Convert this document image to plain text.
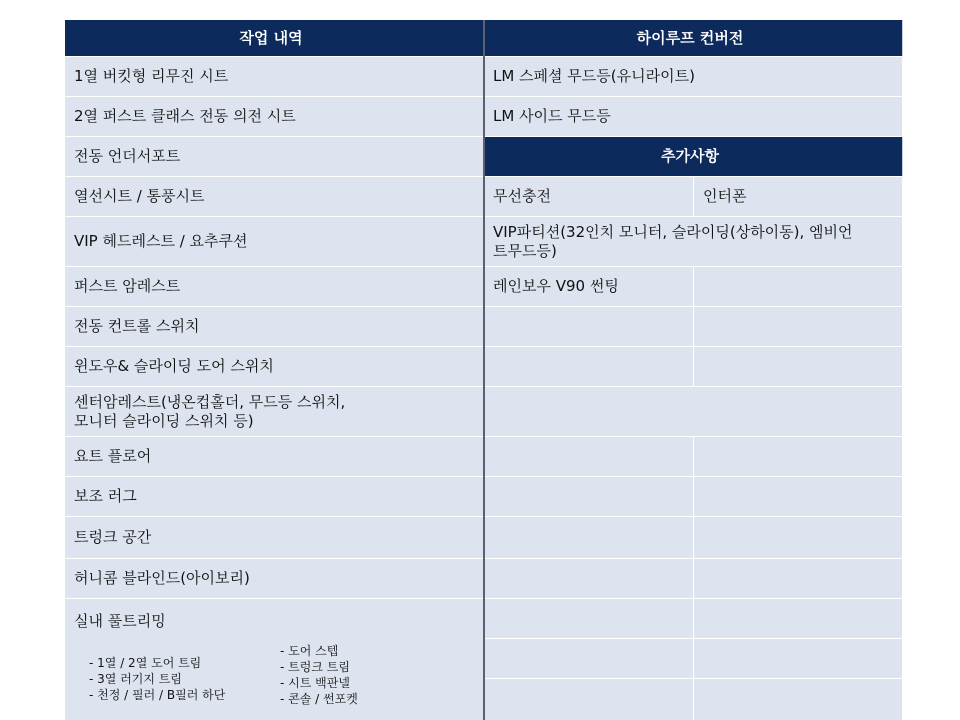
작업 내역
1열 버킷형 리무진 시트
2열 퍼스트 클래스 전동 의전 시트
전동 언더서포트
열선시트 / 통풍시트
VIP 헤드레스트 / 요추쿠션
퍼스트 암레스트
전동 컨트롤 스위치
윈도우& 슬라이딩 도어 스위치
센터암레스트(냉온컵홀더, 무드등 스위치,
모니터 슬라이딩 스위치 등)
요트 플로어
보조 러그
트렁크 공간
허니콤 블라인드(아이보리)
실내 풀트리밍
- 1열 / 2열 도어 트림
- 3열 러기지 트림
- 천정 / 필러 / B필러 하단
- 도어 스텝
- 트렁크 트림
- 시트 백판넬
- 콘솔 / 썬포켓
하이루프 컨버전
LM 스페셜 무드등(유니라이트)
LM 사이드 무드등
추가사항
무선충전	인터폰
VIP파티션(32인치 모니터, 슬라이딩(상하이동), 엠비언
트무드등)
레인보우 V90 썬팅
